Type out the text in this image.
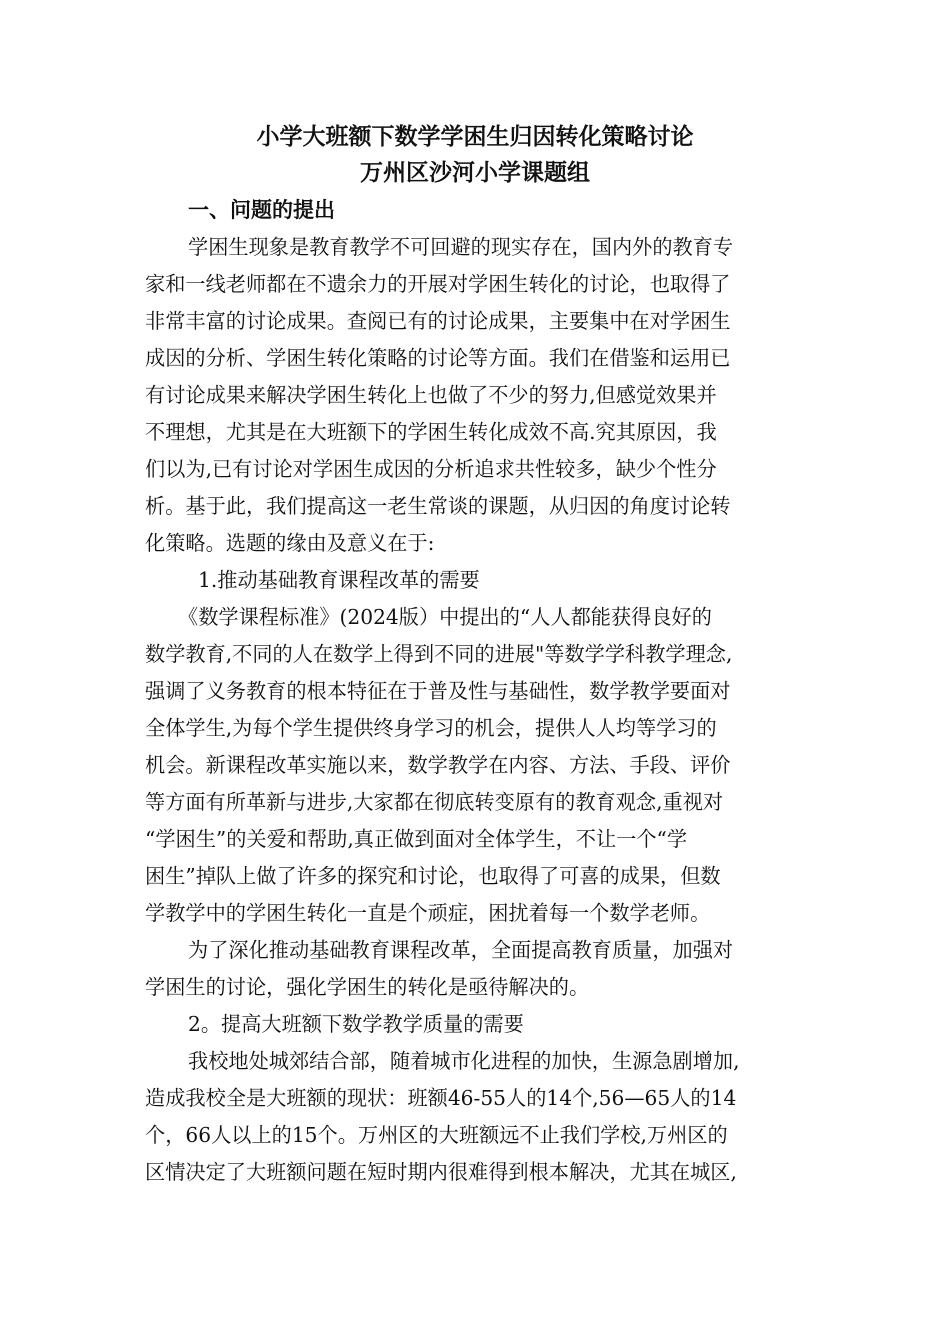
小学大班额下数学学困生归因转化策略讨论
万州区沙河小学课题组
一、问题的提出
学困生现象是教育教学不可回避的现实存在，国内外的教育专
家和一线老师都在不遗余力的开展对学困生转化的讨论，也取得了
非常丰富的讨论成果。查阅已有的讨论成果，主要集中在对学困生
成因的分析、学困生转化策略的讨论等方面。我们在借鉴和运用已
有讨论成果来解决学困生转化上也做了不少的努力,但感觉效果并
不理想，尤其是在大班额下的学困生转化成效不高.究其原因，我
们以为,已有讨论对学困生成因的分析追求共性较多，缺少个性分
析。基于此，我们提高这一老生常谈的课题，从归因的角度讨论转
化策略。选题的缘由及意义在于:
1.推动基础教育课程改革的需要
《数学课程标准》(2024版）中提出的“人人都能获得良好的
数学教育,不同的人在数学上得到不同的进展"等数学学科教学理念,
强调了义务教育的根本特征在于普及性与基础性，数学教学要面对
全体学生,为每个学生提供终身学习的机会，提供人人均等学习的
机会。新课程改革实施以来，数学教学在内容、方法、手段、评价
等方面有所革新与进步,大家都在彻底转变原有的教育观念,重视对
“学困生”的关爱和帮助,真正做到面对全体学生，不让一个“学
困生”掉队上做了许多的探究和讨论，也取得了可喜的成果，但数
学教学中的学困生转化一直是个顽症，困扰着每一个数学老师。
为了深化推动基础教育课程改革，全面提高教育质量，加强对
学困生的讨论，强化学困生的转化是亟待解决的。
2。提高大班额下数学教学质量的需要
我校地处城郊结合部，随着城市化进程的加快，生源急剧增加,
造成我校全是大班额的现状：班额46-55人的14个,56—65人的14
个，66人以上的15个。万州区的大班额远不止我们学校,万州区的
区情决定了大班额问题在短时期内很难得到根本解决，尤其在城区,
